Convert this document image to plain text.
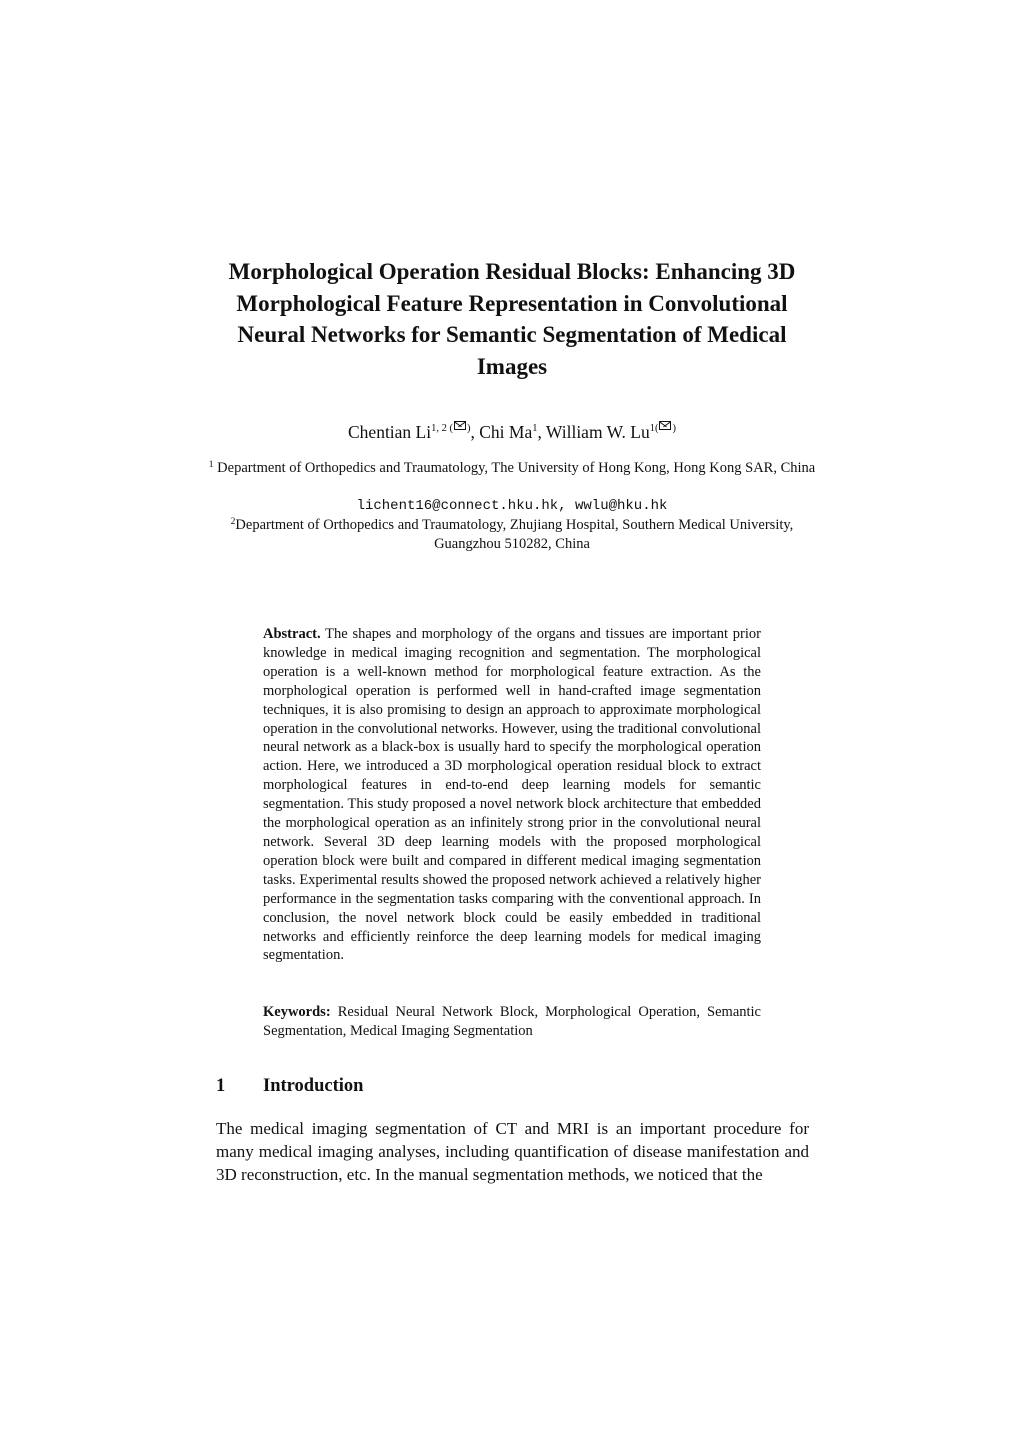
Morphological Operation Residual Blocks: Enhancing 3D Morphological Feature Representation in Convolutional Neural Networks for Semantic Segmentation of Medical Images
Chentian $Li^{1, 2 ( )}$, Chi Ma$^1$, William W. $Lu^{1( )}$
$^1$ Department of Orthopedics and Traumatology, The University of Hong Kong, Hong Kong SAR, China
lichent16@connect.hku.hk, wwlu@hku.hk
$^2$Department of Orthopedics and Traumatology, Zhujiang Hospital, Southern Medical University,
Guangzhou 510282, China
Abstract. The shapes and morphology of the organs and tissues are important prior knowledge in medical imaging recognition and segmentation. The morphological operation is a well-known method for morphological feature extraction. As the morphological operation is performed well in hand-crafted image segmentation techniques, it is also promising to design an approach to approximate morphological operation in the convolutional networks. However, using the traditional convolutional neural network as a black-box is usually hard to specify the morphological operation action. Here, we introduced a 3D morphological operation residual block to extract morphological features in end-to-end deep learning models for semantic segmentation. This study proposed a novel network block architecture that embedded the morphological operation as an infinitely strong prior in the convolutional neural network. Several 3D deep learning models with the proposed morphological operation block were built and compared in different medical imaging segmentation tasks. Experimental results showed the proposed network achieved a relatively higher performance in the segmentation tasks comparing with the conventional approach. In conclusion, the novel network block could be easily embedded in traditional networks and efficiently reinforce the deep learning models for medical imaging segmentation.
Keywords: Residual Neural Network Block, Morphological Operation, Semantic Segmentation, Medical Imaging Segmentation
1 Introduction
The medical imaging segmentation of CT and MRI is an important procedure for many medical imaging analyses, including quantification of disease manifestation and 3D reconstruction, etc. In the manual segmentation methods, we noticed that the
